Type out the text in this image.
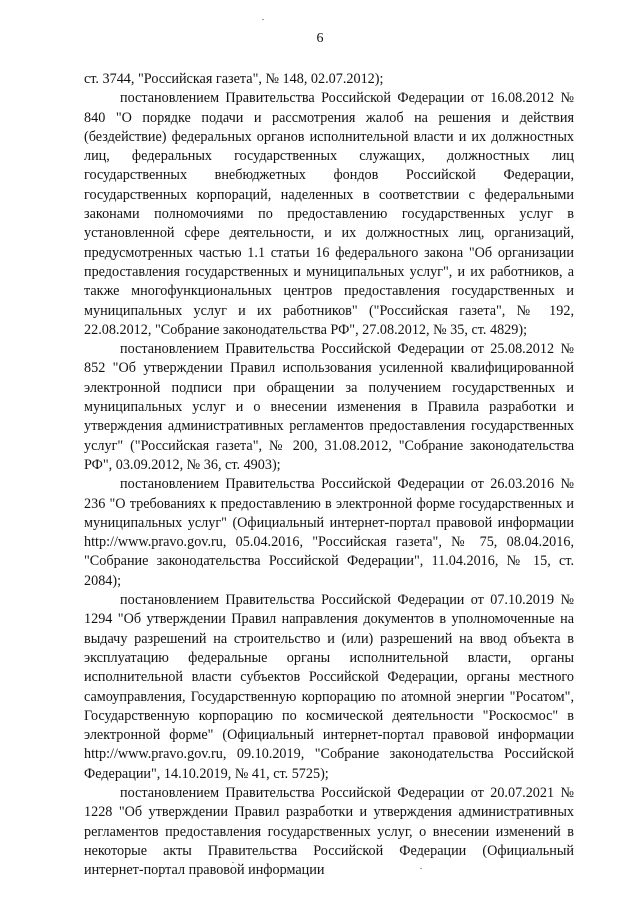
6

ст. 3744, "Российская газета", № 148, 02.07.2012);

постановлением Правительства Российской Федерации от 16.08.2012 № 840 "О порядке подачи и рассмотрения жалоб на решения и действия (бездействие) федеральных органов исполнительной власти и их должностных лиц, федеральных государственных служащих, должностных лиц государственных внебюджетных фондов Российской Федерации, государственных корпораций, наделенных в соответствии с федеральными законами полномочиями по предоставлению государственных услуг в установленной сфере деятельности, и их должностных лиц, организаций, предусмотренных частью 1.1 статьи 16 федерального закона "Об организации предоставления государственных и муниципальных услуг", и их работников, а также многофункциональных центров предоставления государственных и муниципальных услуг и их работников" ("Российская газета", № 192, 22.08.2012, "Собрание законодательства РФ", 27.08.2012, № 35, ст. 4829);

постановлением Правительства Российской Федерации от 25.08.2012 № 852 "Об утверждении Правил использования усиленной квалифицированной электронной подписи при обращении за получением государственных и муниципальных услуг и о внесении изменения в Правила разработки и утверждения административных регламентов предоставления государственных услуг" ("Российская газета", № 200, 31.08.2012, "Собрание законодательства РФ", 03.09.2012, № 36, ст. 4903);

постановлением Правительства Российской Федерации от 26.03.2016 № 236 "О требованиях к предоставлению в электронной форме государственных и муниципальных услуг" (Официальный интернет-портал правовой информации http://www.pravo.gov.ru, 05.04.2016, "Российская газета", № 75, 08.04.2016, "Собрание законодательства Российской Федерации", 11.04.2016, № 15, ст. 2084);

постановлением Правительства Российской Федерации от 07.10.2019 № 1294 "Об утверждении Правил направления документов в уполномоченные на выдачу разрешений на строительство и (или) разрешений на ввод объекта в эксплуатацию федеральные органы исполнительной власти, органы исполнительной власти субъектов Российской Федерации, органы местного самоуправления, Государственную корпорацию по атомной энергии "Росатом", Государственную корпорацию по космической деятельности "Роскосмос" в электронной форме" (Официальный интернет-портал правовой информации http://www.pravo.gov.ru, 09.10.2019, "Собрание законодательства Российской Федерации", 14.10.2019, № 41, ст. 5725);

постановлением Правительства Российской Федерации от 20.07.2021 № 1228 "Об утверждении Правил разработки и утверждения административных регламентов предоставления государственных услуг, о внесении изменений в некоторые акты Правительства Российской Федерации (Официальный интернет-портал правовой информации
